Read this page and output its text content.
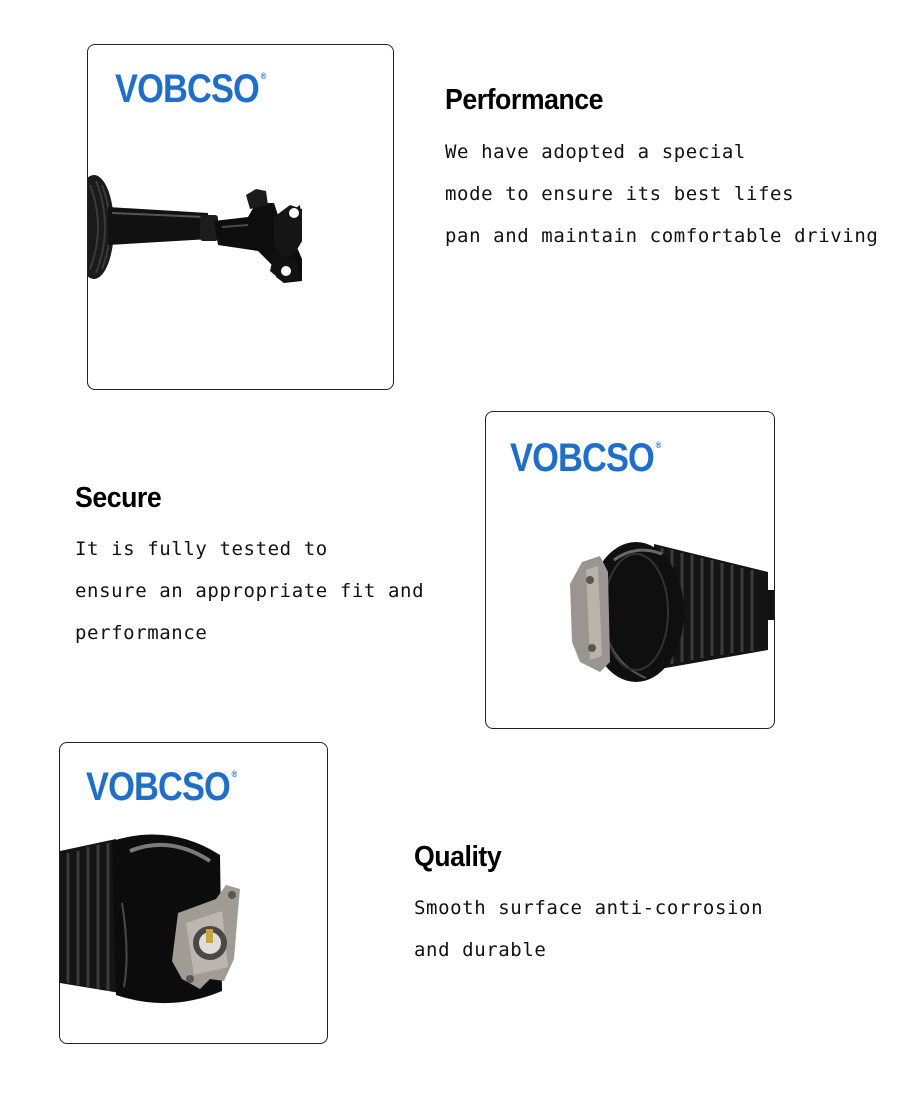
VOBCSO ®
Performance
We have adopted a special
mode to ensure its best lifes
pan and maintain comfortable driving
Secure
It is fully tested to
ensure an appropriate fit and
performance
VOBCSO ®
VOBCSO ®
Quality
Smooth surface anti-corrosion
and durable
